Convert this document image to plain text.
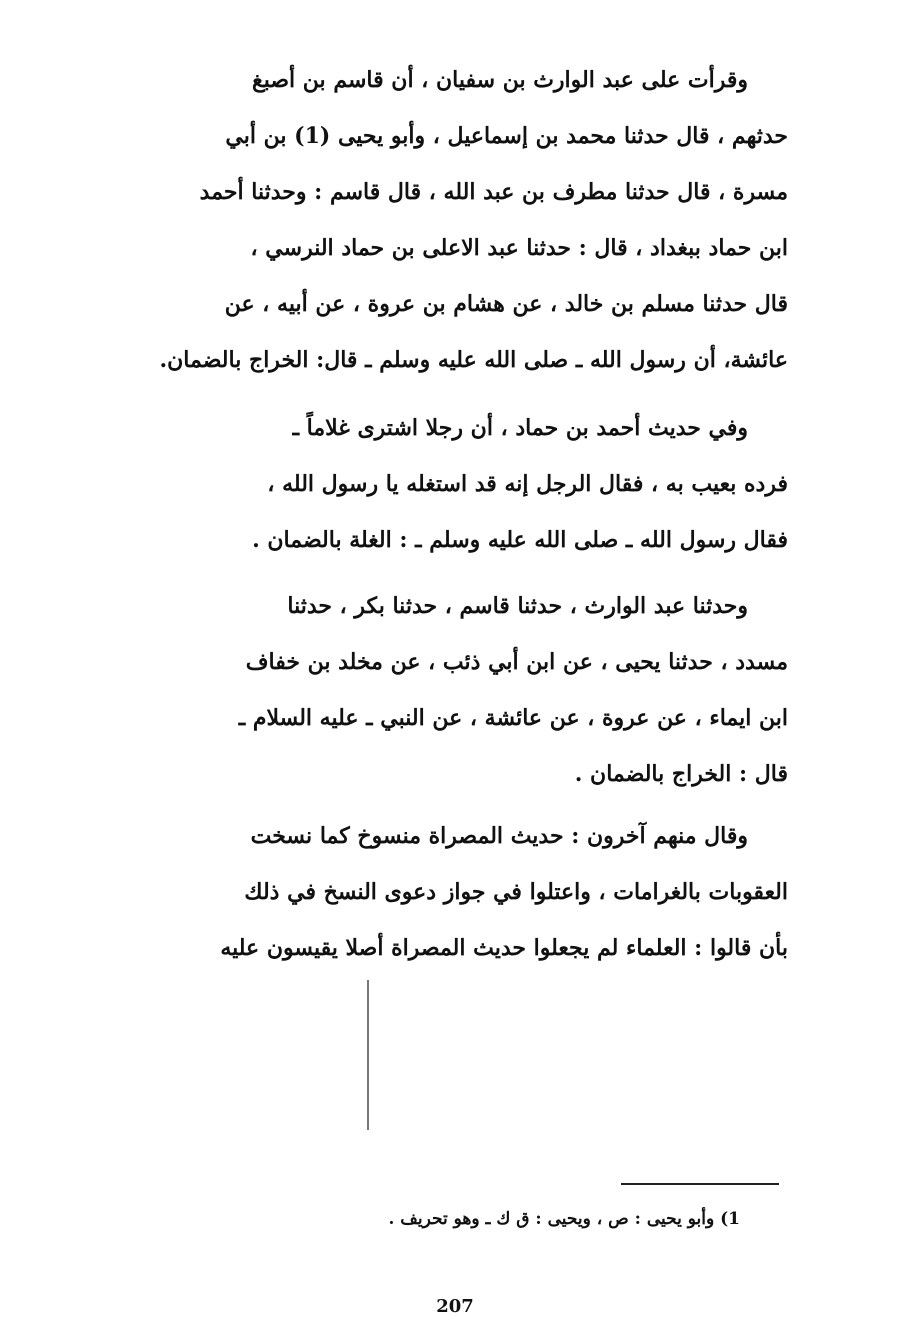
وقرأت على عبد الوارث بن سفيان ، أن قاسم بن أصبغ
حدثهم ، قال حدثنا محمد بن إسماعيل ، وأبو يحيى (1) بن أبي
مسرة ، قال حدثنا مطرف بن عبد الله ، قال قاسم : وحدثنا أحمد
ابن حماد ببغداد ، قال : حدثنا عبد الاعلى بن حماد النرسي ،
قال حدثنا مسلم بن خالد ، عن هشام بن عروة ، عن أبيه ، عن
عائشة، أن رسول الله ـ صلى الله عليه وسلم ـ قال: الخراج بالضمان.
وفي حديث أحمد بن حماد ، أن رجلا اشترى غلاماً ـ
فرده بعيب به ، فقال الرجل إنه قد استغله يا رسول الله ،
فقال رسول الله ـ صلى الله عليه وسلم ـ : الغلة بالضمان .
وحدثنا عبد الوارث ، حدثنا قاسم ، حدثنا بكر ، حدثنا
مسدد ، حدثنا يحيى ، عن ابن أبي ذئب ، عن مخلد بن خفاف
ابن ايماء ، عن عروة ، عن عائشة ، عن النبي ـ عليه السلام ـ
قال : الخراج بالضمان .
وقال منهم آخرون : حديث المصراة منسوخ كما نسخت
العقوبات بالغرامات ، واعتلوا في جواز دعوى النسخ في ذلك
بأن قالوا : العلماء لم يجعلوا حديث المصراة أصلا يقيسون عليه
1) وأبو يحيى : ص ، ويحيى : ق ك ـ وهو تحريف .
207
